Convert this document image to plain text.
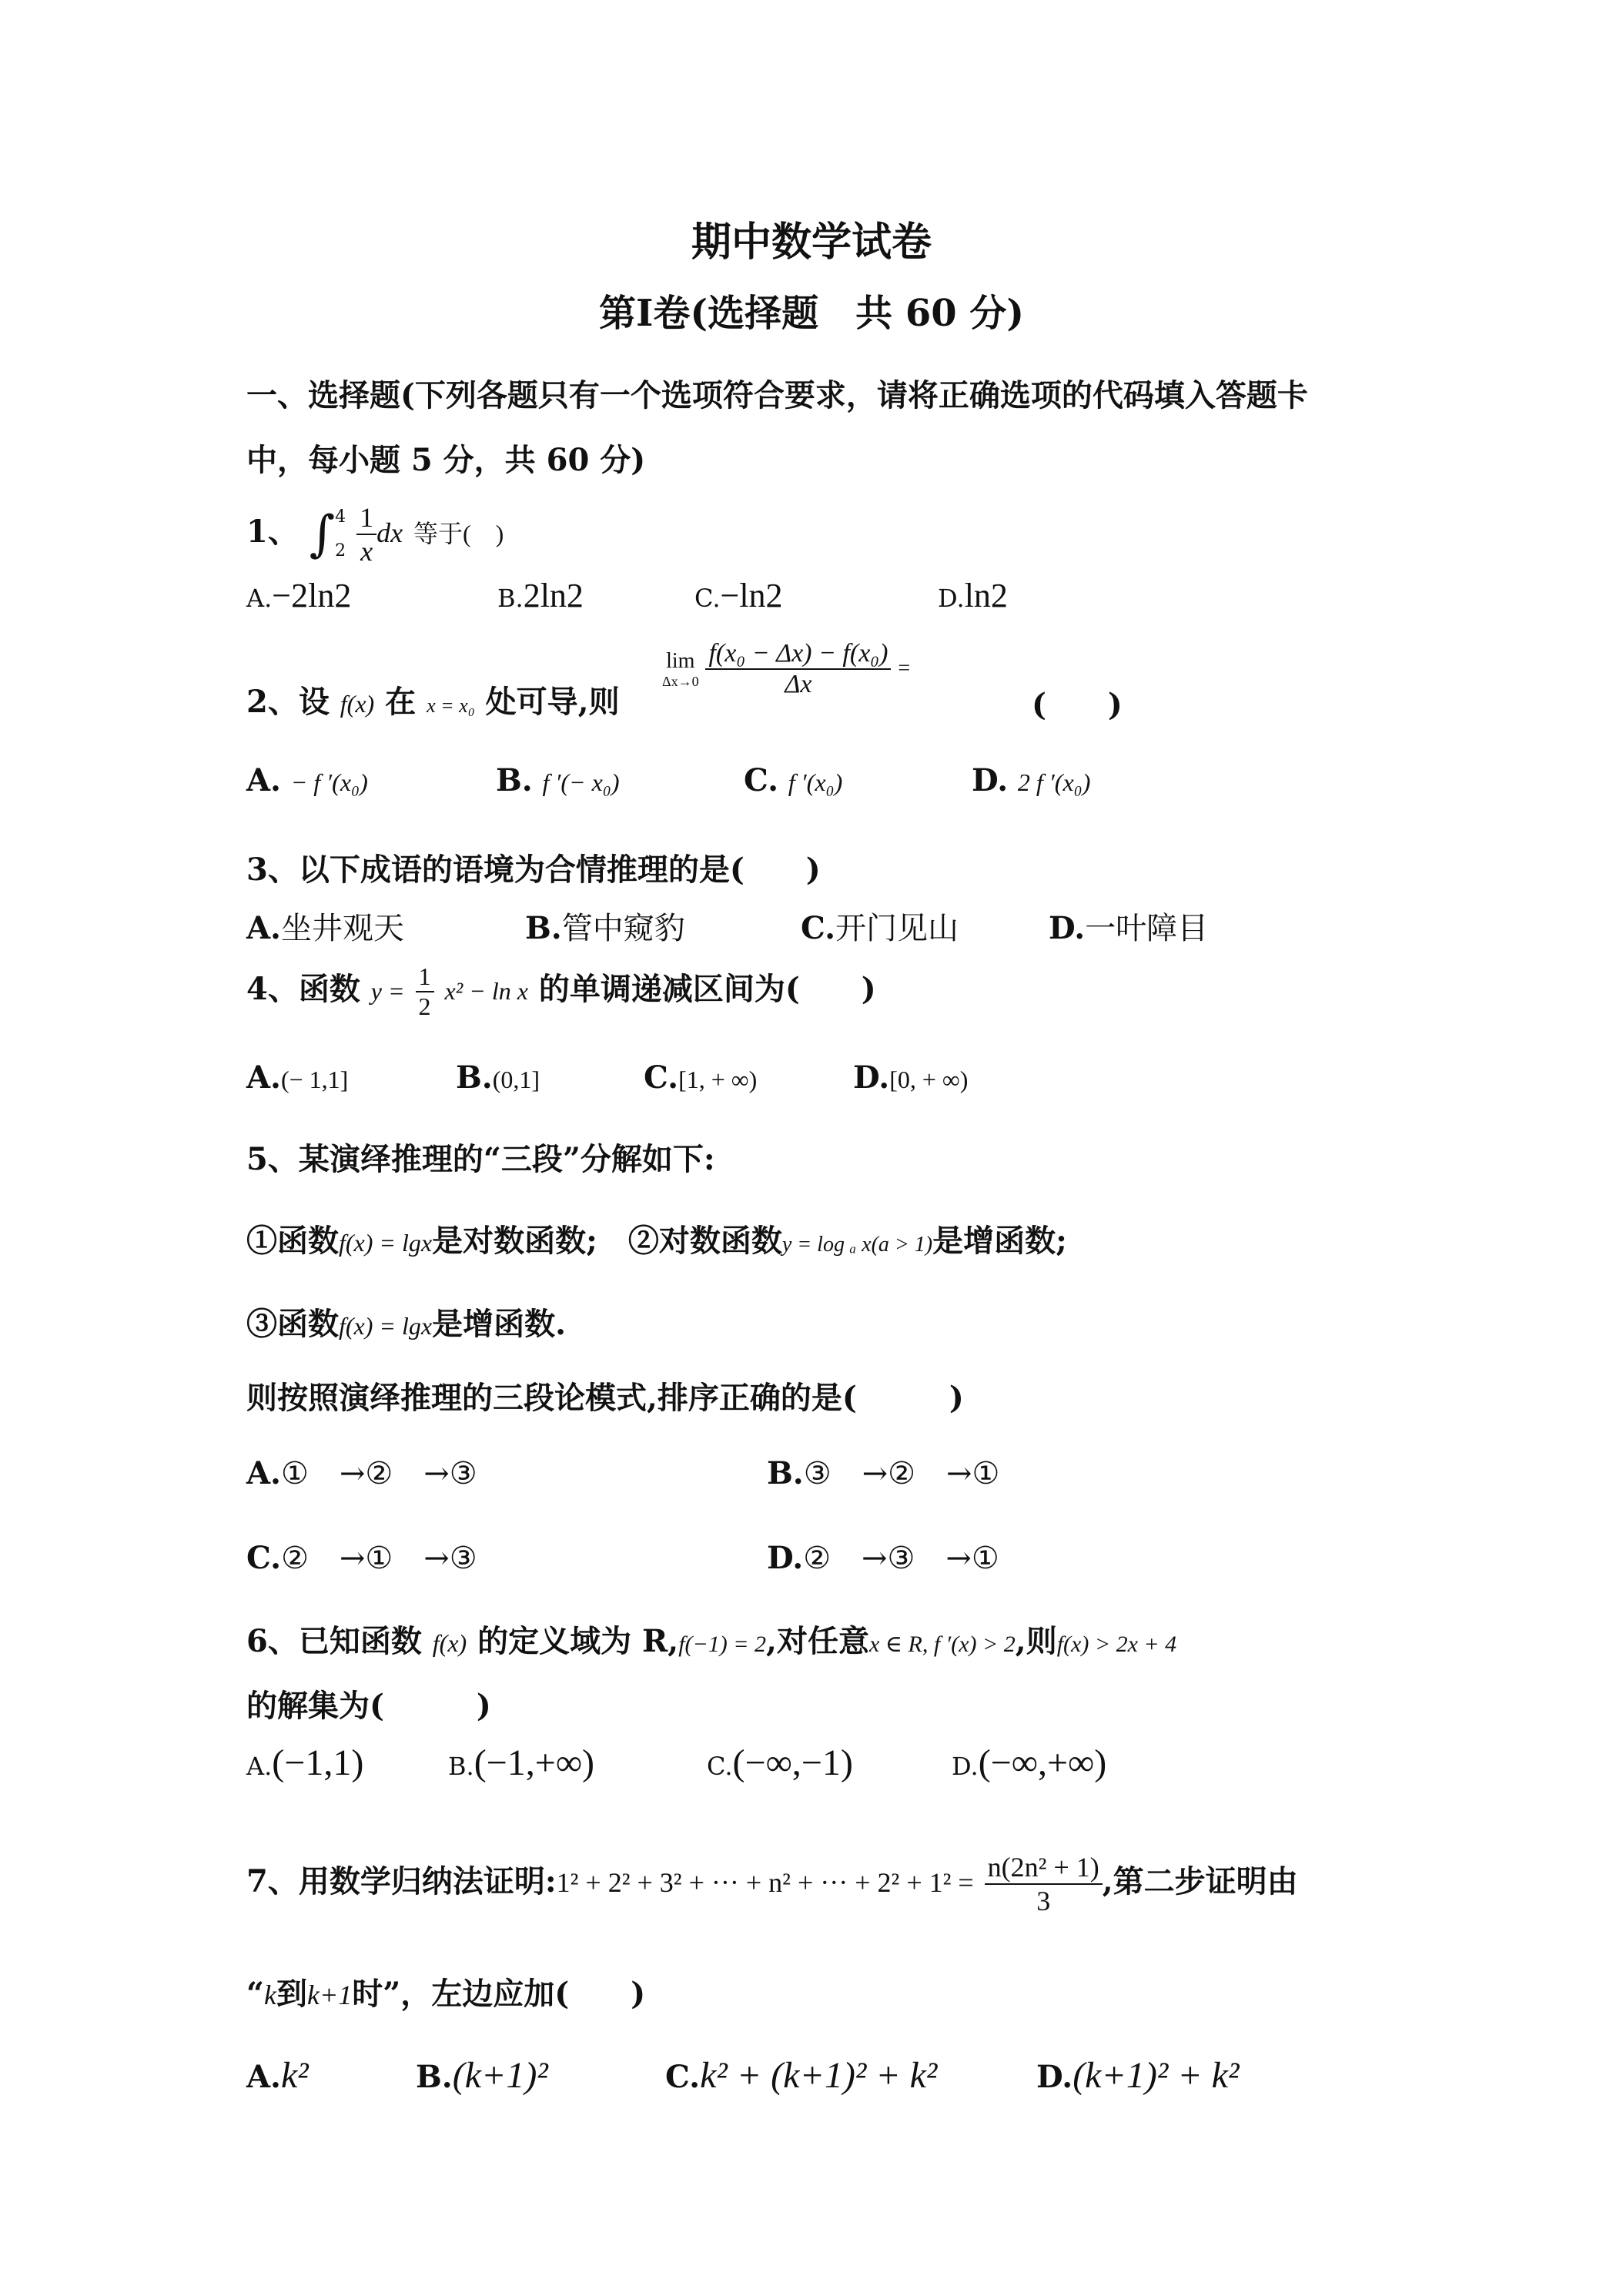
期中数学试卷
第Ⅰ卷(选择题　共 60 分)
一、选择题(下列各题只有一个选项符合要求，请将正确选项的代码填入答题卡
中，每小题 5 分，共 60 分)
1、 ∫ 4
2
$\frac{1}{x}$ dx 等于(　)
A.−2ln2	B.2ln2	C.−ln2	D.ln2
2、设 f(x) 在 x = x₀ 处可导,则
lim
Δx→0
$\frac{\text{f(x₀ − Δx) − f(x₀)}}{\Delta x}$ =
(　　)
A. − f ′(x₀)	B. f ′(− x₀)	C. f ′(x₀)	D. 2 f ′(x₀)
3、以下成语的语境为合情推理的是(　　)
A.坐井观天	B.管中窥豹	C.开门见山	D.一叶障目
4、函数 $y = \frac{1}{2} x^2 - \ln x$ 的单调递减区间为(　　)
A.(− 1,1]	B.(0,1]	C.[1, + ∞)	D.[0, + ∞)
5、某演绎推理的“三段”分解如下:
①函数f(x) = lgx是对数函数;　②对数函数y = log ₐ x(a > 1)是增函数;
③函数f(x) = lgx是增函数.
则按照演绎推理的三段论模式,排序正确的是(　　　)
A.①　→②　→③	B.③　→②　→①
C.②　→①　→③	D.②　→③　→①
6、已知函数 f(x) 的定义域为 R,f(−1) = 2,对任意x ∈ R, f ′(x) > 2,则f(x) > 2x + 4
的解集为(　　　)
A.(−1,1)	B.(−1,+∞)	C.(−∞,−1)	D.(−∞,+∞)
7、用数学归纳法证明:1² + 2² + 3² + ··· + n² + ··· + $2^2 + 1^2 = \frac{\text{n(2n² + 1)}}{3}$ ,第二步证明由
“k到k+1时”，左边应加(　　)
A.k²	B.(k+1)²	C.k² + (k+1)² + k²	D.(k+1)² + k²
